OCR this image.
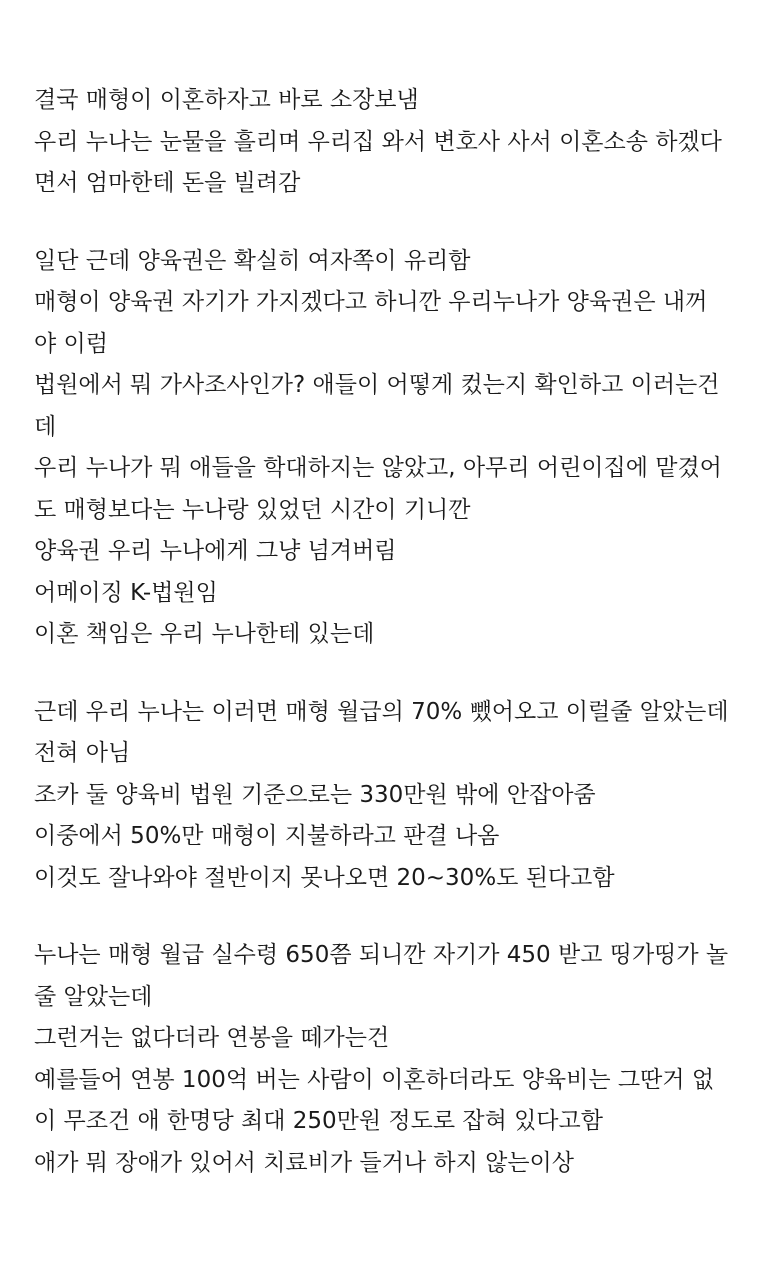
결국 매형이 이혼하자고 바로 소장보냄
우리 누나는 눈물을 흘리며 우리집 와서 변호사 사서 이혼소송 하겠다
면서 엄마한테 돈을 빌려감
일단 근데 양육권은 확실히 여자쪽이 유리함
매형이 양육권 자기가 가지겠다고 하니깐 우리누나가 양육권은 내꺼
야 이럼
법원에서 뭐 가사조사인가? 애들이 어떻게 컸는지 확인하고 이러는건
데
우리 누나가 뭐 애들을 학대하지는 않았고, 아무리 어린이집에 맡겼어
도 매형보다는 누나랑 있었던 시간이 기니깐
양육권 우리 누나에게 그냥 넘겨버림
어메이징 K-법원임
이혼 책임은 우리 누나한테 있는데
근데 우리 누나는 이러면 매형 월급의 70% 뺐어오고 이럴줄 알았는데
전혀 아님
조카 둘 양육비 법원 기준으로는 330만원 밖에 안잡아줌
이중에서 50%만 매형이 지불하라고 판결 나옴
이것도 잘나와야 절반이지 못나오면 20~30%도 된다고함
누나는 매형 월급 실수령 650쯤 되니깐 자기가 450 받고 띵가띵가 놀
줄 알았는데
그런거는 없다더라 연봉을 떼가는건
예를들어 연봉 100억 버는 사람이 이혼하더라도 양육비는 그딴거 없
이 무조건 애 한명당 최대 250만원 정도로 잡혀 있다고함
애가 뭐 장애가 있어서 치료비가 들거나 하지 않는이상
